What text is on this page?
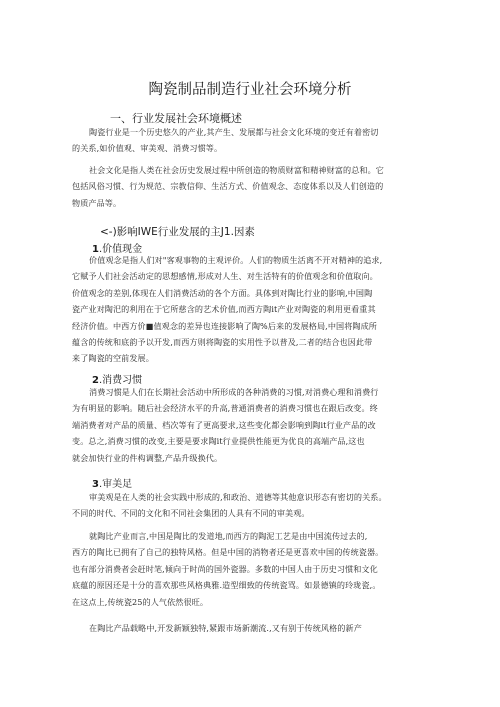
陶瓷制品制造行业社会环境分析
一、行业发展社会环境概述
陶瓷行业是一个历史悠久的产业,其产生、发展都与社会文化环境的变迁有着密切
的关系,如价值观、审美观、消费习惯等。
社会文化是指人类在社会历史发展过程中所创造的物质财富和精神财富的总和。它
包括风俗习惯、行为规范、宗教信仰、生活方式、价值观念、态度体系以及人们创造的
物质产品等。
<-)影响IWE行业发展的主J1.因素
1.价值现金
价值观念是指人们对"客观事物的主观评价。人们的物质生活离不开对精神的追求,
它赋予人们社会活动定的思想感情,形成对人生、对生活特有的价值观念和价值取向。
价值观念的差别,体现在人们消费活动的各个方面。具体到对陶比行业的影响,中国陶
瓷产业对陶汜的利用在于它所慈含的艺术价值,而西方陶it产业对陶瓷的利用更看重其
经济价值。中西方价■值观念的差异也连接影响了陶%后来的发展格局,中国将陶成所
蕴含的传统和底韵予以开发,而西方则将陶瓷的实用性予以普及,二者的结合也因此带
来了陶瓷的空前发展。
2.消费习惯
消费习惯是人们在长期社会活动中所形成的各种消费的习惯,对消费心理和消费行
为有明显的影响。随后社会经济水平的升高,普通消费者的消费习惯也在跟后改变。终
端消费者对产品的质量、档次等有了更高要求,这些变化都会影响到陶it行业产品的改
变。总之,消费习惯的改变,主要是要求陶it行业提供性能更为优良的高端产品,这也
就会加快行业的件构调整,产品升级换代。
3.审美足
审美观是在人类的社会实践中形成的,和政治、道德等其他意识形态有密切的关系。
不同的时代、不同的文化和不同社会集团的人具有不同的审美观。
就陶比产业而言,中国是陶比的发道地,而西方的陶泥工艺是由中国流传过去的,
西方的陶比已拥有了自己的独特风格。但是中国的消物者还是更喜欢中国的传统瓷器。
也有部分消费者会赶时笔,倾向于时尚的国外瓷器。多数的中国人由于历史习惯和文化
底蕴的原因还是十分的喜欢那些风格典雅.造型细致的传统瓷骂。如景德镇的玲珑瓷,。
在这点上,传统瓷25的人气依然很旺。
在陶比产品载略中,开发新颖独特,紧跟市场新潮流.,又有别于传统风格的新产
